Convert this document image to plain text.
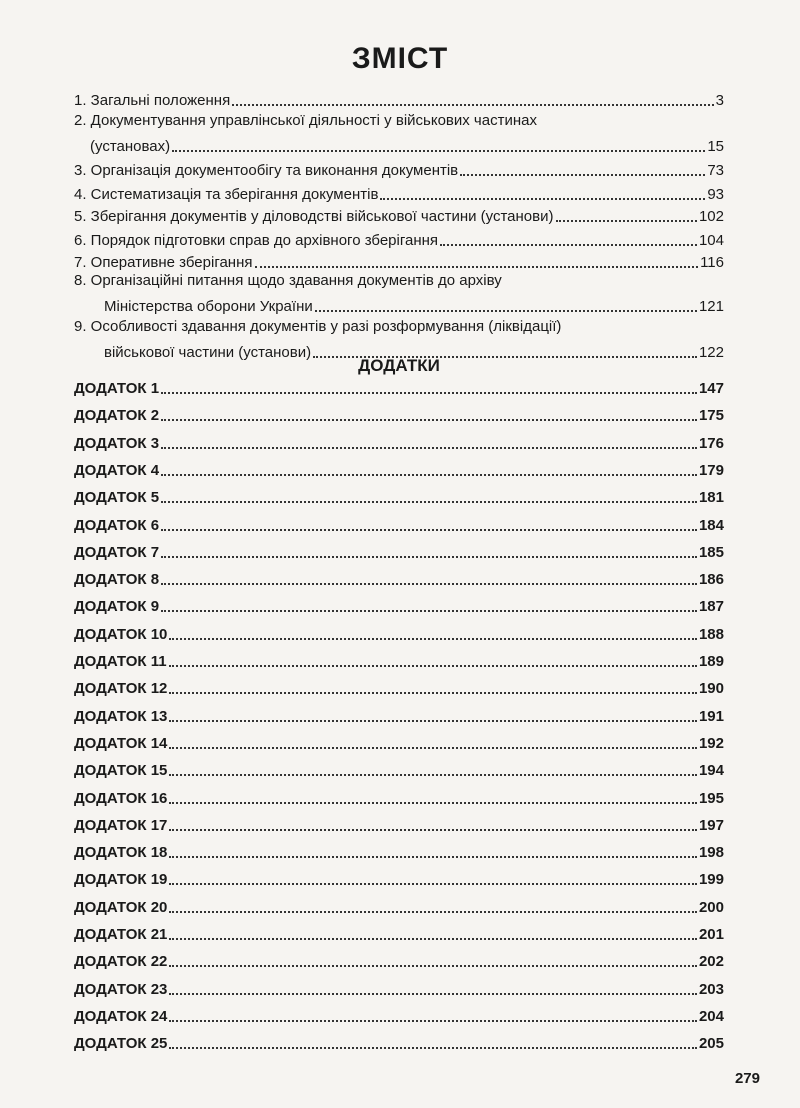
ЗМІСТ
1. Загальні положення	3
2. Документування управлінської діяльності у військових частинах
(установах)	15
3. Організація документообігу та виконання документів	73
4. Систематизація та зберігання документів	93
5. Зберігання документів у діловодстві військової частини (установи)	102
6. Порядок підготовки справ до архівного зберігання	104
7. Оперативне зберігання	116
8. Організаційні питання щодо здавання документів до архіву
Міністерства оборони України	121
9. Особливості здавання документів у разі розформування (ліквідації)
військової частини (установи)	122
ДОДАТКИ
ДОДАТОК 1	147
ДОДАТОК 2	175
ДОДАТОК 3	176
ДОДАТОК 4	179
ДОДАТОК 5	181
ДОДАТОК 6	184
ДОДАТОК 7	185
ДОДАТОК 8	186
ДОДАТОК 9	187
ДОДАТОК 10	188
ДОДАТОК 11	189
ДОДАТОК 12	190
ДОДАТОК 13	191
ДОДАТОК 14	192
ДОДАТОК 15	194
ДОДАТОК 16	195
ДОДАТОК 17	197
ДОДАТОК 18	198
ДОДАТОК 19	199
ДОДАТОК 20	200
ДОДАТОК 21	201
ДОДАТОК 22	202
ДОДАТОК 23	203
ДОДАТОК 24	204
ДОДАТОК 25	205
279
